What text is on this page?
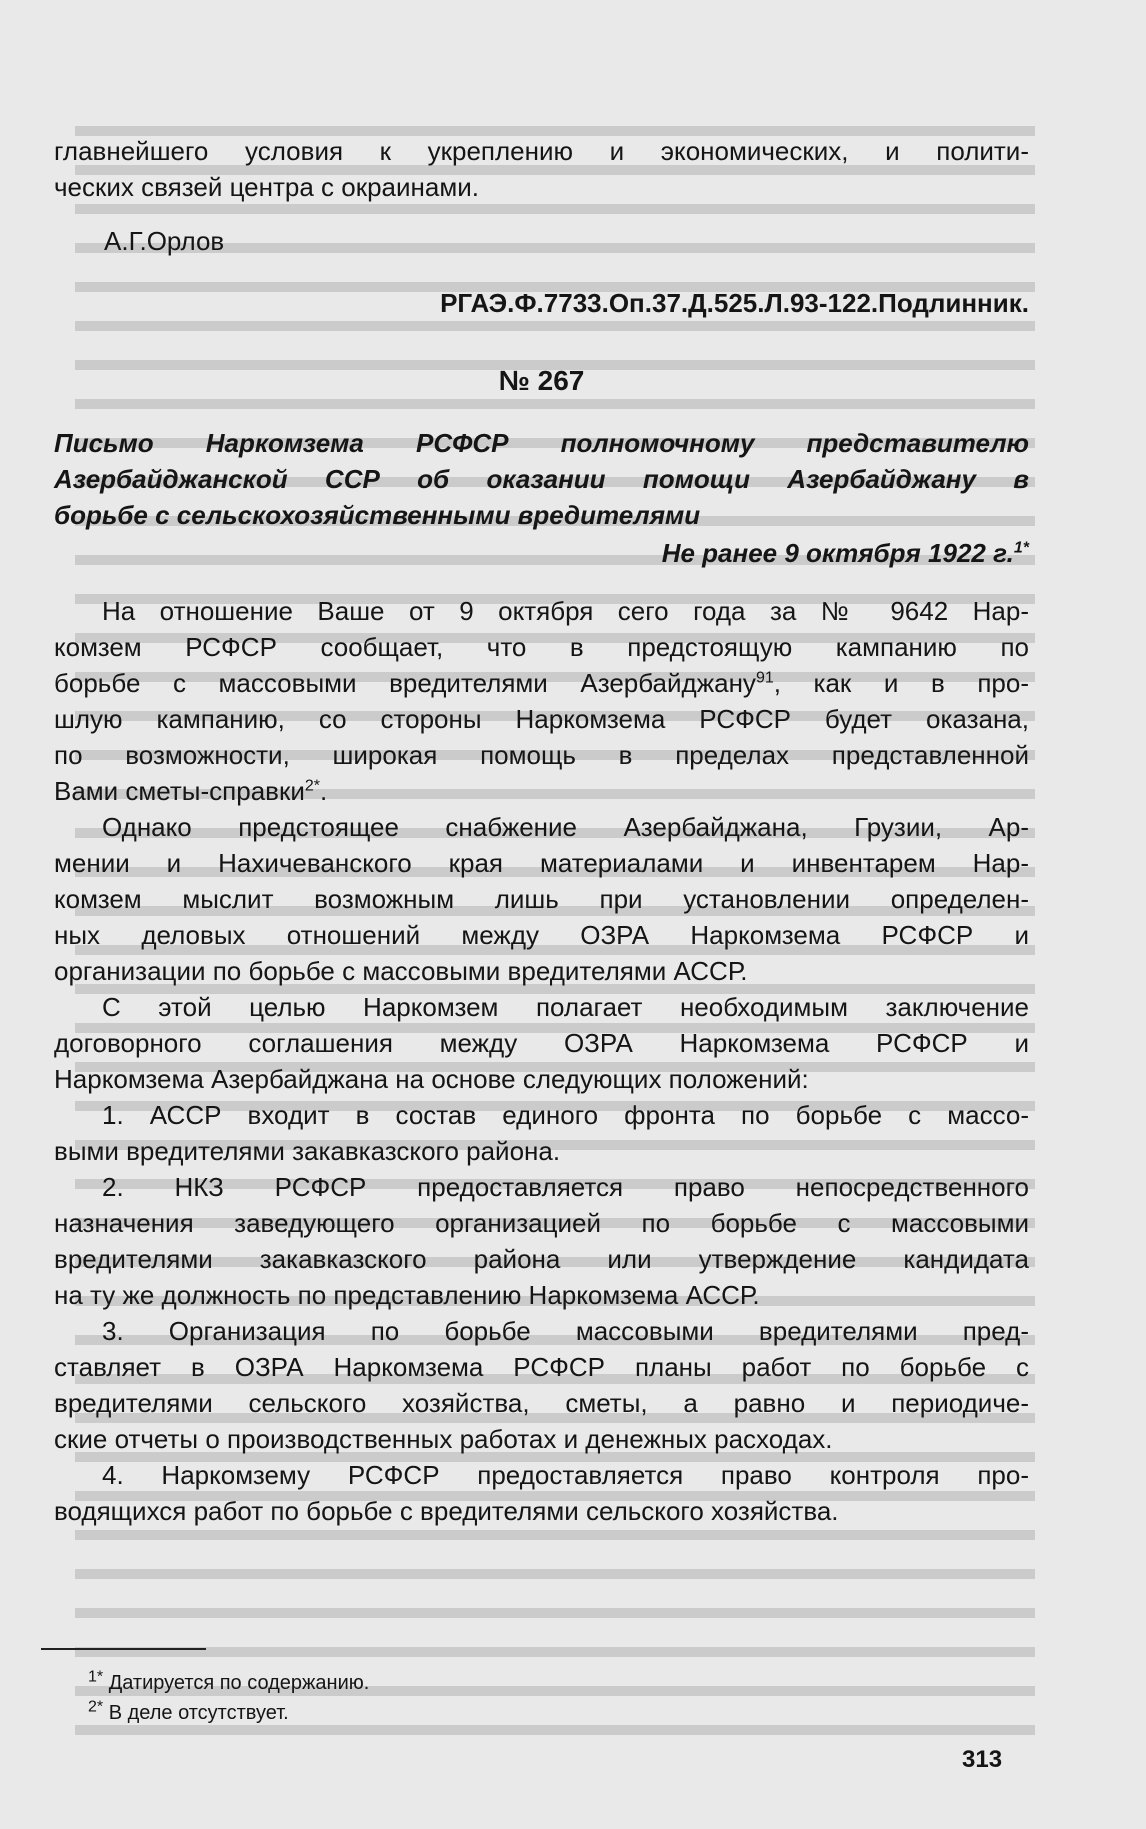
главнейшего условия к укреплению и экономических, и полити-

ческих связей центра с окраинами.

А.Г.Орлов

РГАЭ.Ф.7733.Оп.37.Д.525.Л.93-122.Подлинник.

№ 267

Письмо Наркомзема РСФСР полномочному представителю

Азербайджанской ССР об оказании помощи Азербайджану в

борьбе с сельскохозяйственными вредителями

Не ранее 9 октября 1922 г.$^{1*}$

На отношение Ваше от 9 октября сего года за № 9642 Нар-

комзем РСФСР сообщает, что в предстоящую кампанию по

борьбе с массовыми вредителями Азербайджану$^{91}$, как и в про-

шлую кампанию, со стороны Наркомзема РСФСР будет оказана,

по возможности, широкая помощь в пределах представленной

Вами сметы-справки$^{2*}$.

Однако предстоящее снабжение Азербайджана, Грузии, Ар-

мении и Нахичеванского края материалами и инвентарем Нар-

комзем мыслит возможным лишь при установлении определен-

ных деловых отношений между ОЗРА Наркомзема РСФСР и

организации по борьбе с массовыми вредителями АССР.

С этой целью Наркомзем полагает необходимым заключение

договорного соглашения между ОЗРА Наркомзема РСФСР и

Наркомзема Азербайджана на основе следующих положений:

1. АССР входит в состав единого фронта по борьбе с массо-

выми вредителями закавказского района.

2. НКЗ РСФСР предоставляется право непосредственного

назначения заведующего организацией по борьбе с массовыми

вредителями закавказского района или утверждение кандидата

на ту же должность по представлению Наркомзема АССР.

3. Организация по борьбе массовыми вредителями пред-

ставляет в ОЗРА Наркомзема РСФСР планы работ по борьбе с

вредителями сельского хозяйства, сметы, а равно и периодиче-

ские отчеты о производственных работах и денежных расходах.

4. Наркомзему РСФСР предоставляется право контроля про-

водящихся работ по борьбе с вредителями сельского хозяйства.

$^{1*}$ Датируется по содержанию.

$^{2*}$ В деле отсутствует.

313
